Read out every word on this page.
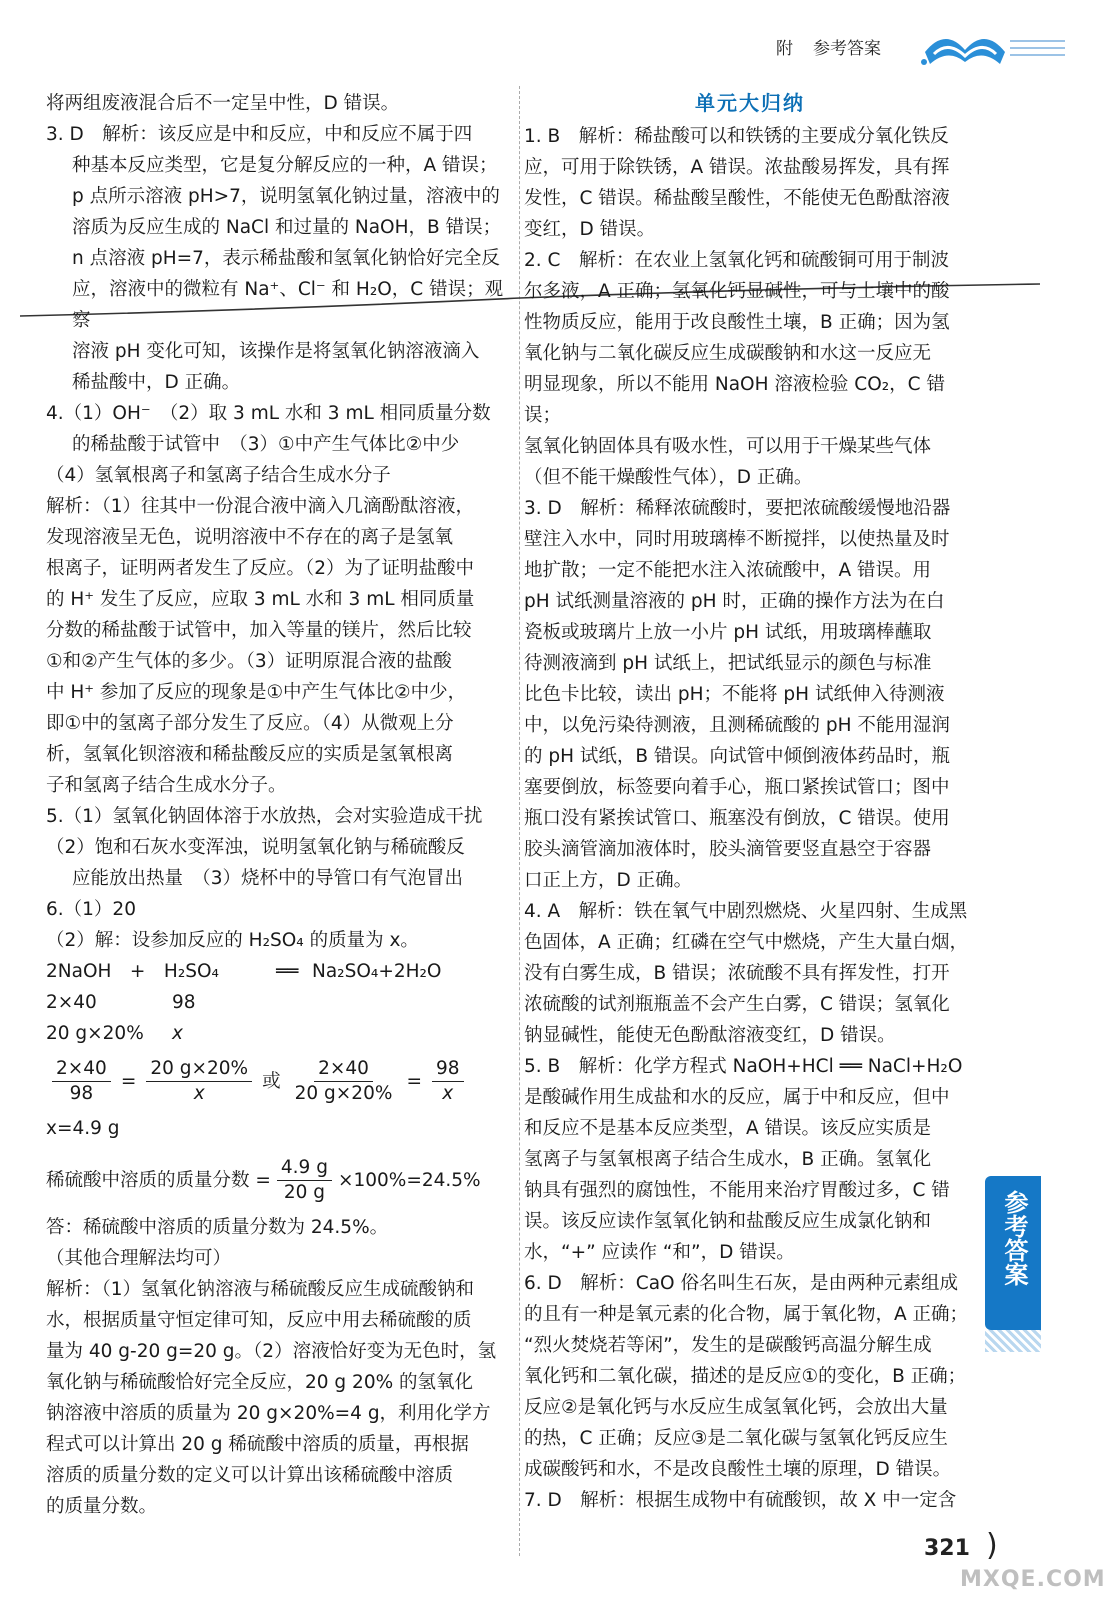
附 参考答案

将两组废液混合后不一定呈中性，D 错误。

3. D　解析：该反应是中和反应，中和反应不属于四

种基本反应类型，它是复分解反应的一种，A 错误；

p 点所示溶液 pH>7，说明氢氧化钠过量，溶液中的

溶质为反应生成的 NaCl 和过量的 NaOH，B 错误；

n 点溶液 pH=7，表示稀盐酸和氢氧化钠恰好完全反

应，溶液中的微粒有 Na⁺、Cl⁻ 和 H₂O，C 错误；观察

溶液 pH 变化可知，该操作是将氢氧化钠溶液滴入

稀盐酸中，D 正确。

4.（1）OH⁻　（2）取 3 mL 水和 3 mL 相同质量分数

的稀盐酸于试管中　（3）①中产生气体比②中少

（4）氢氧根离子和氢离子结合生成水分子

解析：（1）往其中一份混合液中滴入几滴酚酞溶液，

发现溶液呈无色，说明溶液中不存在的离子是氢氧

根离子，证明两者发生了反应。（2）为了证明盐酸中

的 H⁺ 发生了反应，应取 3 mL 水和 3 mL 相同质量

分数的稀盐酸于试管中，加入等量的镁片，然后比较

①和②产生气体的多少。（3）证明原混合液的盐酸

中 H⁺ 参加了反应的现象是①中产生气体比②中少，

即①中的氢离子部分发生了反应。（4）从微观上分

析，氢氧化钡溶液和稀盐酸反应的实质是氢氧根离

子和氢离子结合生成水分子。

5.（1）氢氧化钠固体溶于水放热，会对实验造成干扰

（2）饱和石灰水变浑浊，说明氢氧化钠与稀硫酸反

应能放出热量　（3）烧杯中的导管口有气泡冒出

6.（1）20

（2）解：设参加反应的 H₂SO₄ 的质量为 x。

2NaOH　+　H₂SO₄	══ Na₂SO₄+2H₂O
2×40	98
20 g×20%	x
$\frac{2\times 40}{98} = \frac{20 g\times 20\%}{x}$ 或 $\frac{2\times 40}{20 g\times 20\%} = \frac{98}{x}$

x=4.9 g

稀硫酸中溶质的质量分数 = $\frac{4.9 g}{20 g} \times 100\%=24.5\%$

答：稀硫酸中溶质的质量分数为 24.5%。

（其他合理解法均可）

解析：（1）氢氧化钠溶液与稀硫酸反应生成硫酸钠和

水，根据质量守恒定律可知，反应中用去稀硫酸的质

量为 40 g-20 g=20 g。（2）溶液恰好变为无色时，氢

氧化钠与稀硫酸恰好完全反应，20 g 20% 的氢氧化

钠溶液中溶质的质量为 20 g×20%=4 g，利用化学方

程式可以计算出 20 g 稀硫酸中溶质的质量，再根据

溶质的质量分数的定义可以计算出该稀硫酸中溶质

的质量分数。

单元大归纳

1. B　解析：稀盐酸可以和铁锈的主要成分氧化铁反

应，可用于除铁锈，A 错误。浓盐酸易挥发，具有挥

发性，C 错误。稀盐酸呈酸性，不能使无色酚酞溶液

变红，D 错误。

2. C　解析：在农业上氢氧化钙和硫酸铜可用于制波

尔多液，A 正确；氢氧化钙显碱性，可与土壤中的酸

性物质反应，能用于改良酸性土壤，B 正确；因为氢

氧化钠与二氧化碳反应生成碳酸钠和水这一反应无

明显现象，所以不能用 NaOH 溶液检验 CO₂，C 错误；

氢氧化钠固体具有吸水性，可以用于干燥某些气体

（但不能干燥酸性气体），D 正确。

3. D　解析：稀释浓硫酸时，要把浓硫酸缓慢地沿器

壁注入水中，同时用玻璃棒不断搅拌，以使热量及时

地扩散；一定不能把水注入浓硫酸中，A 错误。用

pH 试纸测量溶液的 pH 时，正确的操作方法为在白

瓷板或玻璃片上放一小片 pH 试纸，用玻璃棒蘸取

待测液滴到 pH 试纸上，把试纸显示的颜色与标准

比色卡比较，读出 pH；不能将 pH 试纸伸入待测液

中，以免污染待测液，且测稀硫酸的 pH 不能用湿润

的 pH 试纸，B 错误。向试管中倾倒液体药品时，瓶

塞要倒放，标签要向着手心，瓶口紧挨试管口；图中

瓶口没有紧挨试管口、瓶塞没有倒放，C 错误。使用

胶头滴管滴加液体时，胶头滴管要竖直悬空于容器

口正上方，D 正确。

4. A　解析：铁在氧气中剧烈燃烧、火星四射、生成黑

色固体，A 正确；红磷在空气中燃烧，产生大量白烟，

没有白雾生成，B 错误；浓硫酸不具有挥发性，打开

浓硫酸的试剂瓶瓶盖不会产生白雾，C 错误；氢氧化

钠显碱性，能使无色酚酞溶液变红，D 错误。

5. B　解析：化学方程式 NaOH+HCl ══ NaCl+H₂O

是酸碱作用生成盐和水的反应，属于中和反应，但中

和反应不是基本反应类型，A 错误。该反应实质是

氢离子与氢氧根离子结合生成水，B 正确。氢氧化

钠具有强烈的腐蚀性，不能用来治疗胃酸过多，C 错

误。该反应读作氢氧化钠和盐酸反应生成氯化钠和

水，“+” 应读作 “和”，D 错误。

6. D　解析：CaO 俗名叫生石灰，是由两种元素组成

的且有一种是氧元素的化合物，属于氧化物，A 正确；

“烈火焚烧若等闲”，发生的是碳酸钙高温分解生成

氧化钙和二氧化碳，描述的是反应①的变化，B 正确；

反应②是氧化钙与水反应生成氢氧化钙，会放出大量

的热，C 正确；反应③是二氧化碳与氢氧化钙反应生

成碳酸钙和水，不是改良酸性土壤的原理，D 错误。

7. D　解析：根据生成物中有硫酸钡，故 X 中一定含

参考答案
MXQE.COM
321 )
